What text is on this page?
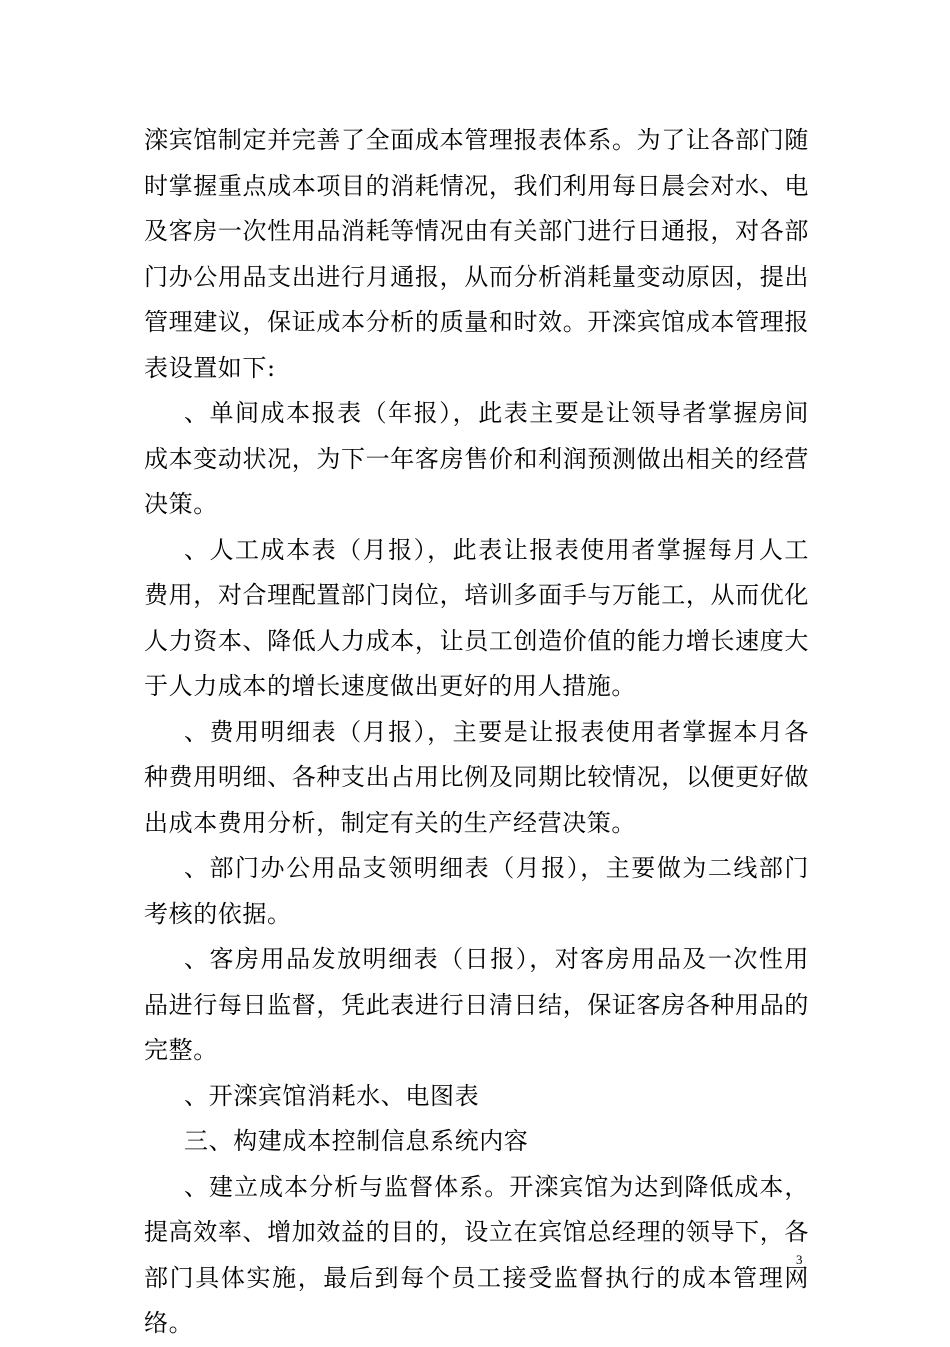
滦宾馆制定并完善了全面成本管理报表体系。为了让各部门随时掌握重点成本项目的消耗情况，我们利用每日晨会对水、电及客房一次性用品消耗等情况由有关部门进行日通报，对各部门办公用品支出进行月通报，从而分析消耗量变动原因，提出管理建议，保证成本分析的质量和时效。开滦宾馆成本管理报表设置如下:

、单间成本报表（年报），此表主要是让领导者掌握房间成本变动状况，为下一年客房售价和利润预测做出相关的经营决策。

、人工成本表（月报），此表让报表使用者掌握每月人工费用，对合理配置部门岗位，培训多面手与万能工，从而优化人力资本、降低人力成本，让员工创造价值的能力增长速度大于人力成本的增长速度做出更好的用人措施。

、费用明细表（月报），主要是让报表使用者掌握本月各种费用明细、各种支出占用比例及同期比较情况，以便更好做出成本费用分析，制定有关的生产经营决策。

、部门办公用品支领明细表（月报），主要做为二线部门考核的依据。

、客房用品发放明细表（日报），对客房用品及一次性用品进行每日监督，凭此表进行日清日结，保证客房各种用品的完整。

、开滦宾馆消耗水、电图表

三、构建成本控制信息系统内容

、建立成本分析与监督体系。开滦宾馆为达到降低成本，提高效率、增加效益的目的，设立在宾馆总经理的领导下，各部门具体实施，最后到每个员工接受监督执行的成本管理网络。

3
